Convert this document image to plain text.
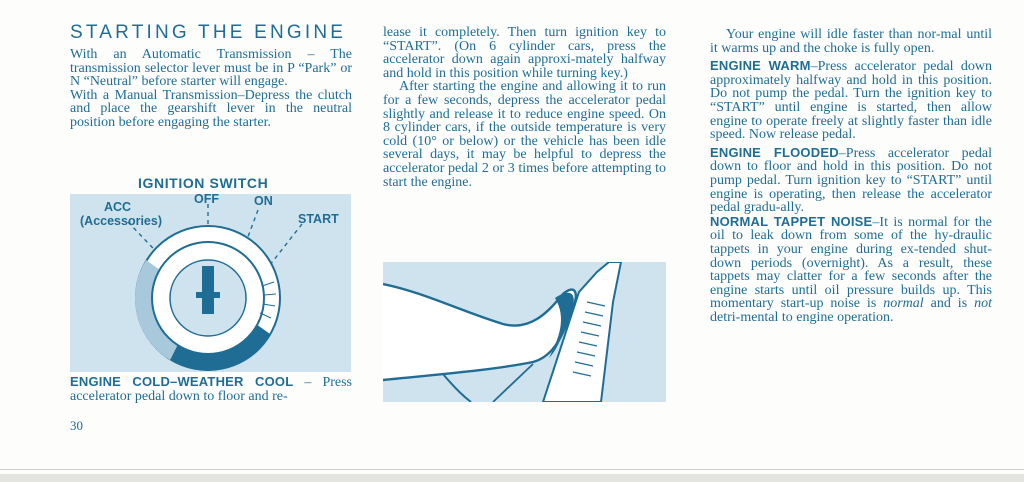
STARTING THE ENGINE

With an Automatic Transmission – The transmission selector lever must be in P “Park” or N “Neutral” before starter will engage.

With a Manual Transmission–Depress the clutch and place the gearshift lever in the neutral position before engaging the starter.

IGNITION SWITCH
ACC
(Accessories)
OFF	ON
START

ENGINE COLD–WEATHER COOL – Press accelerator pedal down to floor and re-

30

lease it completely. Then turn ignition key to “START”. (On 6 cylinder cars, press the accelerator down again approxi-mately halfway and hold in this position while turning key.)

After starting the engine and allowing it to run for a few seconds, depress the accelerator pedal slightly and release it to reduce engine speed. On 8 cylinder cars, if the outside temperature is very cold (10° or below) or the vehicle has been idle several days, it may be helpful to depress the accelerator pedal 2 or 3 times before attempting to start the engine.

Your engine will idle faster than nor-mal until it warms up and the choke is fully open.

ENGINE WARM–Press accelerator pedal down approximately halfway and hold in this position. Do not pump the pedal. Turn the ignition key to “START” until engine is started, then allow engine to operate freely at slightly faster than idle speed. Now release pedal.

ENGINE FLOODED–Press accelerator pedal down to floor and hold in this position. Do not pump pedal. Turn ignition key to “START” until engine is operating, then release the accelerator pedal gradu-ally.

NORMAL TAPPET NOISE–It is normal for the oil to leak down from some of the hy-draulic tappets in your engine during ex-tended shut-down periods (overnight). As a result, these tappets may clatter for a few seconds after the engine starts until oil pressure builds up. This momentary start-up noise is normal and is not detri-mental to engine operation.
